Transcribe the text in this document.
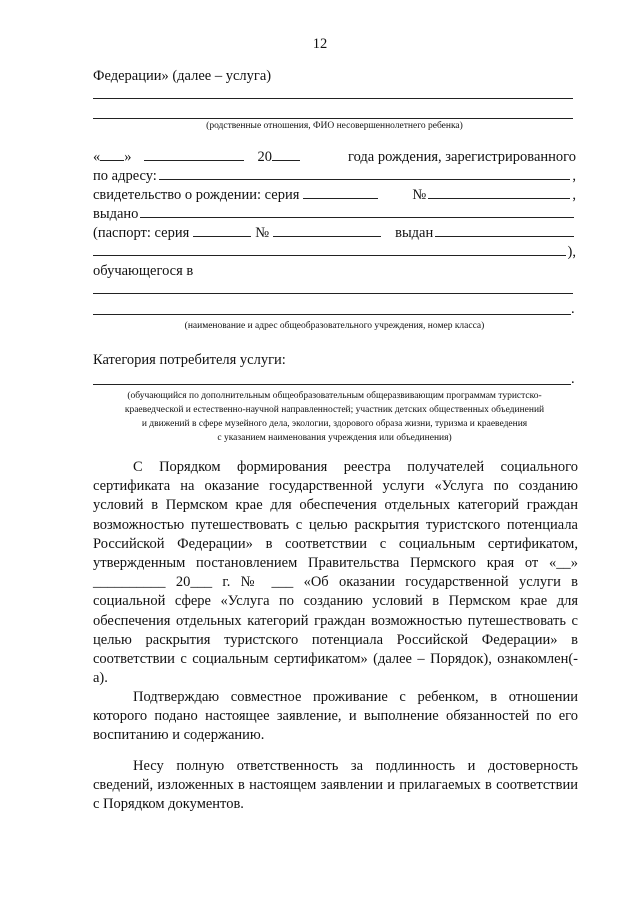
12
Федерации» (далее – услуга)
(родственные отношения, ФИО несовершеннолетнего ребенка)
« »	20	года рождения, зарегистрированного
по адресу:	,
свидетельство о рождении: серия	№	,
выдано
(паспорт: серия	№	выдан
),
обучающегося в
.
(наименование и адрес общеобразовательного учреждения, номер класса)
Категория потребителя услуги:
.
(обучающийся по дополнительным общеобразовательным общеразвивающим программам туристско-
краеведческой и естественно-научной направленностей; участник детских общественных объединений
и движений в сфере музейного дела, экологии, здорового образа жизни, туризма и краеведения
с указанием наименования учреждения или объединения)
С Порядком формирования реестра получателей социального сертификата на оказание государственной услуги «Услуга по созданию условий в Пермском крае для обеспечения отдельных категорий граждан возможностью путешествовать с целью раскрытия туристского потенциала Российской Федерации» в соответствии с социальным сертификатом, утвержденным постановлением Правительства Пермского края от «__» __________ 20___ г. № ___ «Об оказании государственной услуги в социальной сфере «Услуга по созданию условий в Пермском крае для обеспечения отдельных категорий граждан возможностью путешествовать с целью раскрытия туристского потенциала Российской Федерации» в соответствии с социальным сертификатом» (далее – Порядок), ознакомлен(-а).
Подтверждаю совместное проживание с ребенком, в отношении которого подано настоящее заявление, и выполнение обязанностей по его воспитанию и содержанию.
Несу полную ответственность за подлинность и достоверность сведений, изложенных в настоящем заявлении и прилагаемых в соответствии с Порядком документов.
